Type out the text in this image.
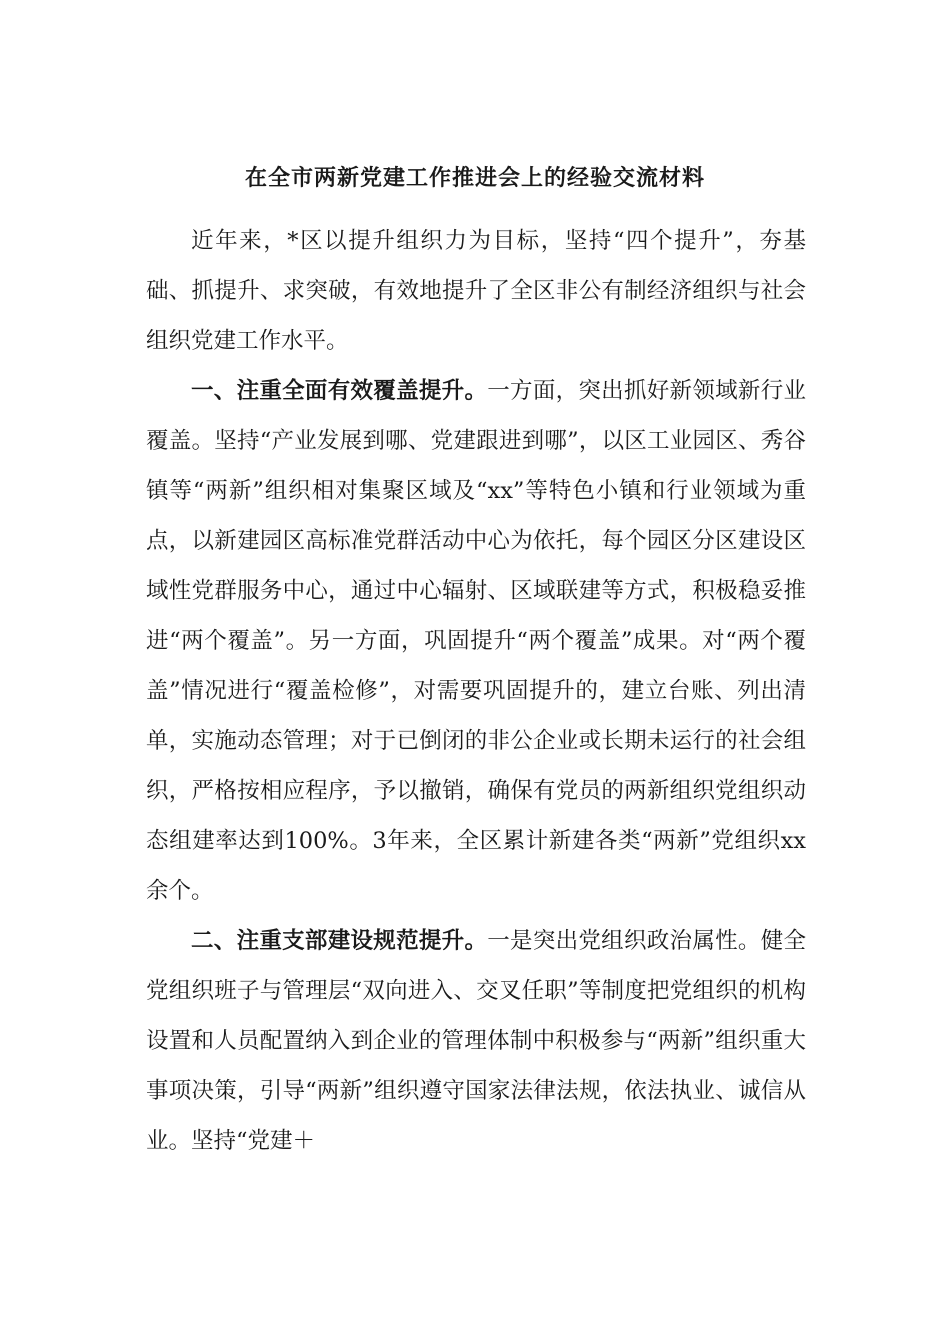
在全市两新党建工作推进会上的经验交流材料

近年来，*区以提升组织力为目标，坚持“四个提升”，夯基础、抓提升、求突破，有效地提升了全区非公有制经济组织与社会组织党建工作水平。

一、注重全面有效覆盖提升。一方面，突出抓好新领域新行业覆盖。坚持“产业发展到哪、党建跟进到哪”，以区工业园区、秀谷镇等“两新”组织相对集聚区域及“xx”等特色小镇和行业领域为重点，以新建园区高标准党群活动中心为依托，每个园区分区建设区域性党群服务中心，通过中心辐射、区域联建等方式，积极稳妥推进“两个覆盖”。另一方面，巩固提升“两个覆盖”成果。对“两个覆盖”情况进行“覆盖检修”，对需要巩固提升的，建立台账、列出清单，实施动态管理；对于已倒闭的非公企业或长期未运行的社会组织，严格按相应程序，予以撤销，确保有党员的两新组织党组织动态组建率达到100%。3年来，全区累计新建各类“两新”党组织xx余个。

二、注重支部建设规范提升。一是突出党组织政治属性。健全党组织班子与管理层“双向进入、交叉任职”等制度把党组织的机构设置和人员配置纳入到企业的管理体制中积极参与“两新”组织重大事项决策，引导“两新”组织遵守国家法律法规，依法执业、诚信从业。坚持“党建＋
